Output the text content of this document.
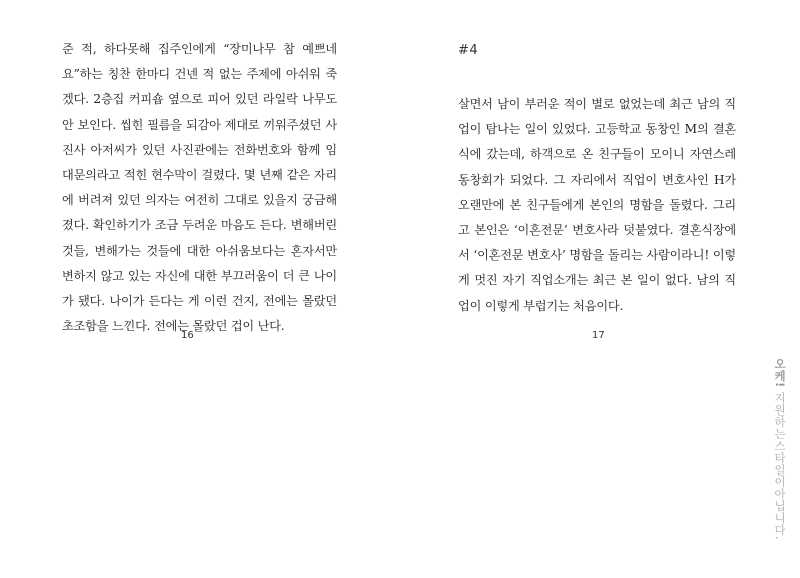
준 적, 하다못해 집주인에게 “장미나무 참 예쁘네요”하는 칭찬 한마디 건넨 적 없는 주제에 아쉬워 죽겠다. 2층집 커피숍 옆으로 피어 있던 라일락 나무도 안 보인다. 씹힌 필름을 되감아 제대로 끼워주셨던 사진사 아저씨가 있던 사진관에는 전화번호와 함께 임대문의라고 적힌 현수막이 걸렸다. 몇 년째 같은 자리에 버려져 있던 의자는 여전히 그대로 있을지 궁금해졌다. 확인하기가 조금 두려운 마음도 든다. 변해버린 것들, 변해가는 것들에 대한 아쉬움보다는 혼자서만 변하지 않고 있는 자신에 대한 부끄러움이 더 큰 나이가 됐다. 나이가 든다는 게 이런 건지, 전에는 몰랐던 초조함을 느낀다. 전에는 몰랐던 겁이 난다.

16
#4

살면서 남이 부러운 적이 별로 없었는데 최근 남의 직업이 탐나는 일이 있었다. 고등학교 동창인 M의 결혼식에 갔는데, 하객으로 온 친구들이 모이니 자연스레 동창회가 되었다. 그 자리에서 직업이 변호사인 H가 오랜만에 본 친구들에게 본인의 명함을 돌렸다. 그리고 본인은 ‘이혼전문’ 변호사라 덧붙였다. 결혼식장에서 ‘이혼전문 변호사’ 명함을 돌리는 사람이라니! 이렇게 멋진 자기 직업소개는 최근 본 일이 없다. 남의 직업이 이렇게 부럽기는 처음이다.

17
오케! 지원하는스타일이아닙니다.
